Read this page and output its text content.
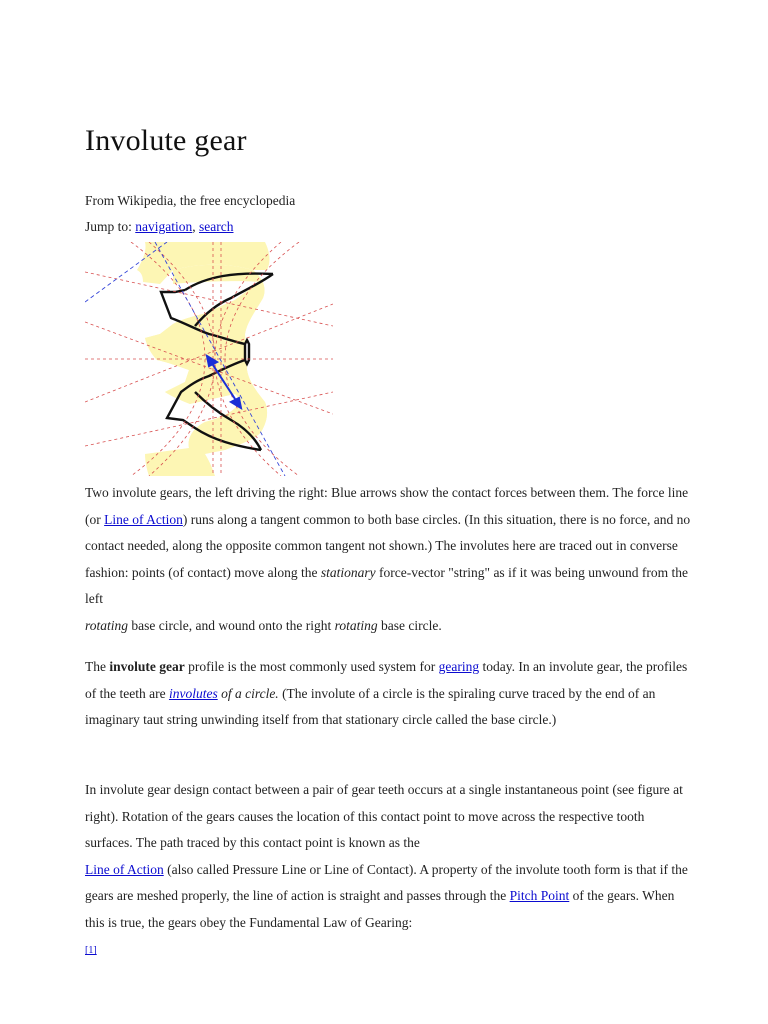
Involute gear

From Wikipedia, the free encyclopedia

Jump to: navigation, search

Two involute gears, the left driving the right: Blue arrows show the contact forces between them. The force line (or Line of Action) runs along a tangent common to both base circles. (In this situation, there is no force, and no contact needed, along the opposite common tangent not shown.) The involutes here are traced out in converse fashion: points (of contact) move along the stationary force-vector "string" as if it was being unwound from the left
rotating base circle, and wound onto the right rotating base circle.

The involute gear profile is the most commonly used system for gearing today. In an involute gear, the profiles of the teeth are involutes of a circle. (The involute of a circle is the spiraling curve traced by the end of an imaginary taut string unwinding itself from that stationary circle called the base circle.)

In involute gear design contact between a pair of gear teeth occurs at a single instantaneous point (see figure at right). Rotation of the gears causes the location of this contact point to move across the respective tooth surfaces. The path traced by this contact point is known as the
Line of Action (also called Pressure Line or Line of Contact). A property of the involute tooth form is that if the gears are meshed properly, the line of action is straight and passes through the Pitch Point of the gears. When this is true, the gears obey the Fundamental Law of Gearing:
[1]
